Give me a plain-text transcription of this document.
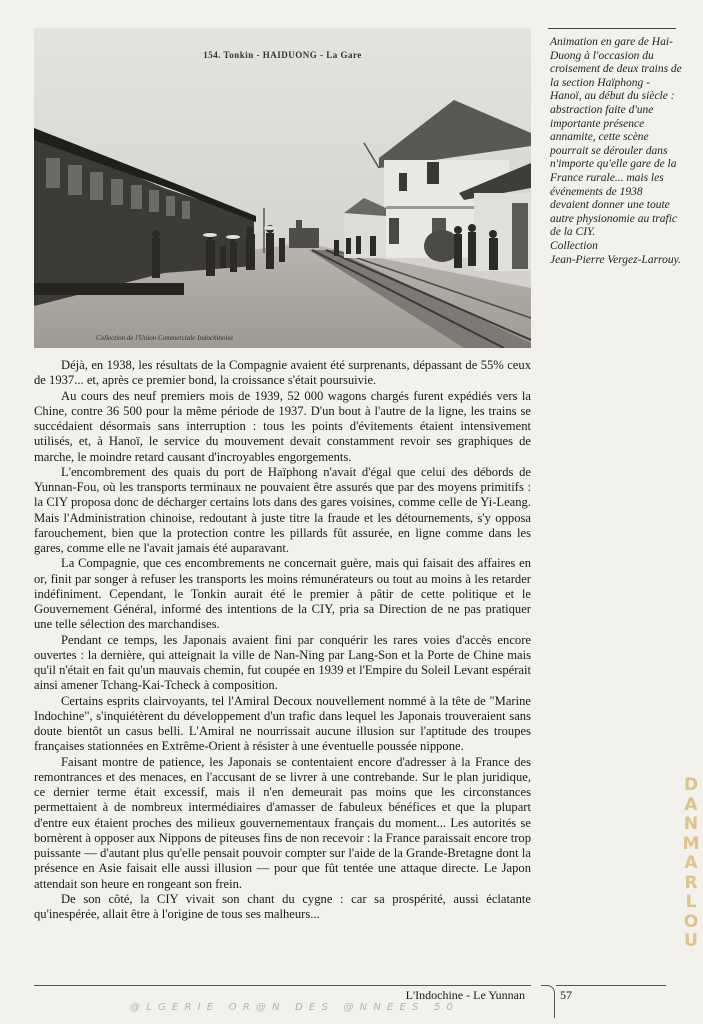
154. Tonkin - HAIDUONG - La Gare
Collection de l'Union Commerciale Indochinoise

Animation en gare de Hai-Duong à l'occasion du croisement de deux trains de la section Haïphong - Hanoï, au début du siècle : abstraction faite d'une importante présence annamite, cette scène pourrait se dérouler dans n'importe qu'elle gare de la France rurale... mais les événements de 1938 devaient donner une toute autre physionomie au trafic de la CIY.

Collection

Jean-Pierre Vergez-Larrouy.

Déjà, en 1938, les résultats de la Compagnie avaient été surprenants, dépassant de 55% ceux de 1937... et, après ce premier bond, la croissance s'était poursuivie.

Au cours des neuf premiers mois de 1939, 52 000 wagons chargés furent expédiés vers la Chine, contre 36 500 pour la même période de 1937. D'un bout à l'autre de la ligne, les trains se succédaient désormais sans interruption : tous les points d'évitements étaient intensivement utilisés, et, à Hanoï, le service du mouvement devait constamment revoir ses graphiques de marche, le moindre retard causant d'incroyables engorgements.

L'encombrement des quais du port de Haïphong n'avait d'égal que celui des débords de Yunnan-Fou, où les transports terminaux ne pouvaient être assurés que par des moyens primitifs : la CIY proposa donc de décharger certains lots dans des gares voisines, comme celle de Yi-Leang. Mais l'Administration chinoise, redoutant à juste titre la fraude et les détournements, s'y opposa farouchement, bien que la protection contre les pillards fût assurée, en ligne comme dans les gares, comme elle ne l'avait jamais été auparavant.

La Compagnie, que ces encombrements ne concernait guère, mais qui faisait des affaires en or, finit par songer à refuser les transports les moins rémunérateurs ou tout au moins à les retarder indéfiniment. Cependant, le Tonkin aurait été le premier à pâtir de cette politique et le Gouvernement Général, informé des intentions de la CIY, pria sa Direction de ne pas pratiquer une telle sélection des marchandises.

Pendant ce temps, les Japonais avaient fini par conquérir les rares voies d'accès encore ouvertes : la dernière, qui atteignait la ville de Nan-Ning par Lang-Son et la Porte de Chine mais qu'il n'était en fait qu'un mauvais chemin, fut coupée en 1939 et l'Empire du Soleil Levant espérait ainsi amener Tchang-Kai-Tcheck à composition.

Certains esprits clairvoyants, tel l'Amiral Decoux nouvellement nommé à la tête de "Marine Indochine", s'inquiétèrent du développement d'un trafic dans lequel les Japonais trouveraient sans doute bientôt un casus belli. L'Amiral ne nourrissait aucune illusion sur l'aptitude des troupes françaises stationnées en Extrême-Orient à résister à une éventuelle poussée nippone.

Faisant montre de patience, les Japonais se contentaient encore d'adresser à la France des remontrances et des menaces, en l'accusant de se livrer à une contrebande. Sur le plan juridique, ce dernier terme était excessif, mais il n'en demeurait pas moins que les circonstances permettaient à de nombreux intermédiaires d'amasser de fabuleux bénéfices et que la plupart d'entre eux étaient proches des milieux gouvernementaux français du moment... Les autorités se bornèrent à opposer aux Nippons de piteuses fins de non recevoir : la France paraissait encore trop puissante — d'autant plus qu'elle pensait pouvoir compter sur l'aide de la Grande-Bretagne dont la présence en Asie faisait elle aussi illusion — pour que fût tentée une attaque directe. Le Japon attendait son heure en rongeant son frein.

De son côté, la CIY vivait son chant du cygne : car sa prospérité, aussi éclatante qu'inespérée, allait être à l'origine de tous ses malheurs...

L'Indochine - Le Yunnan	57
@LGERIE OR@N DES @NNEES 50
D
A
N
M
A
R
L
O
U
